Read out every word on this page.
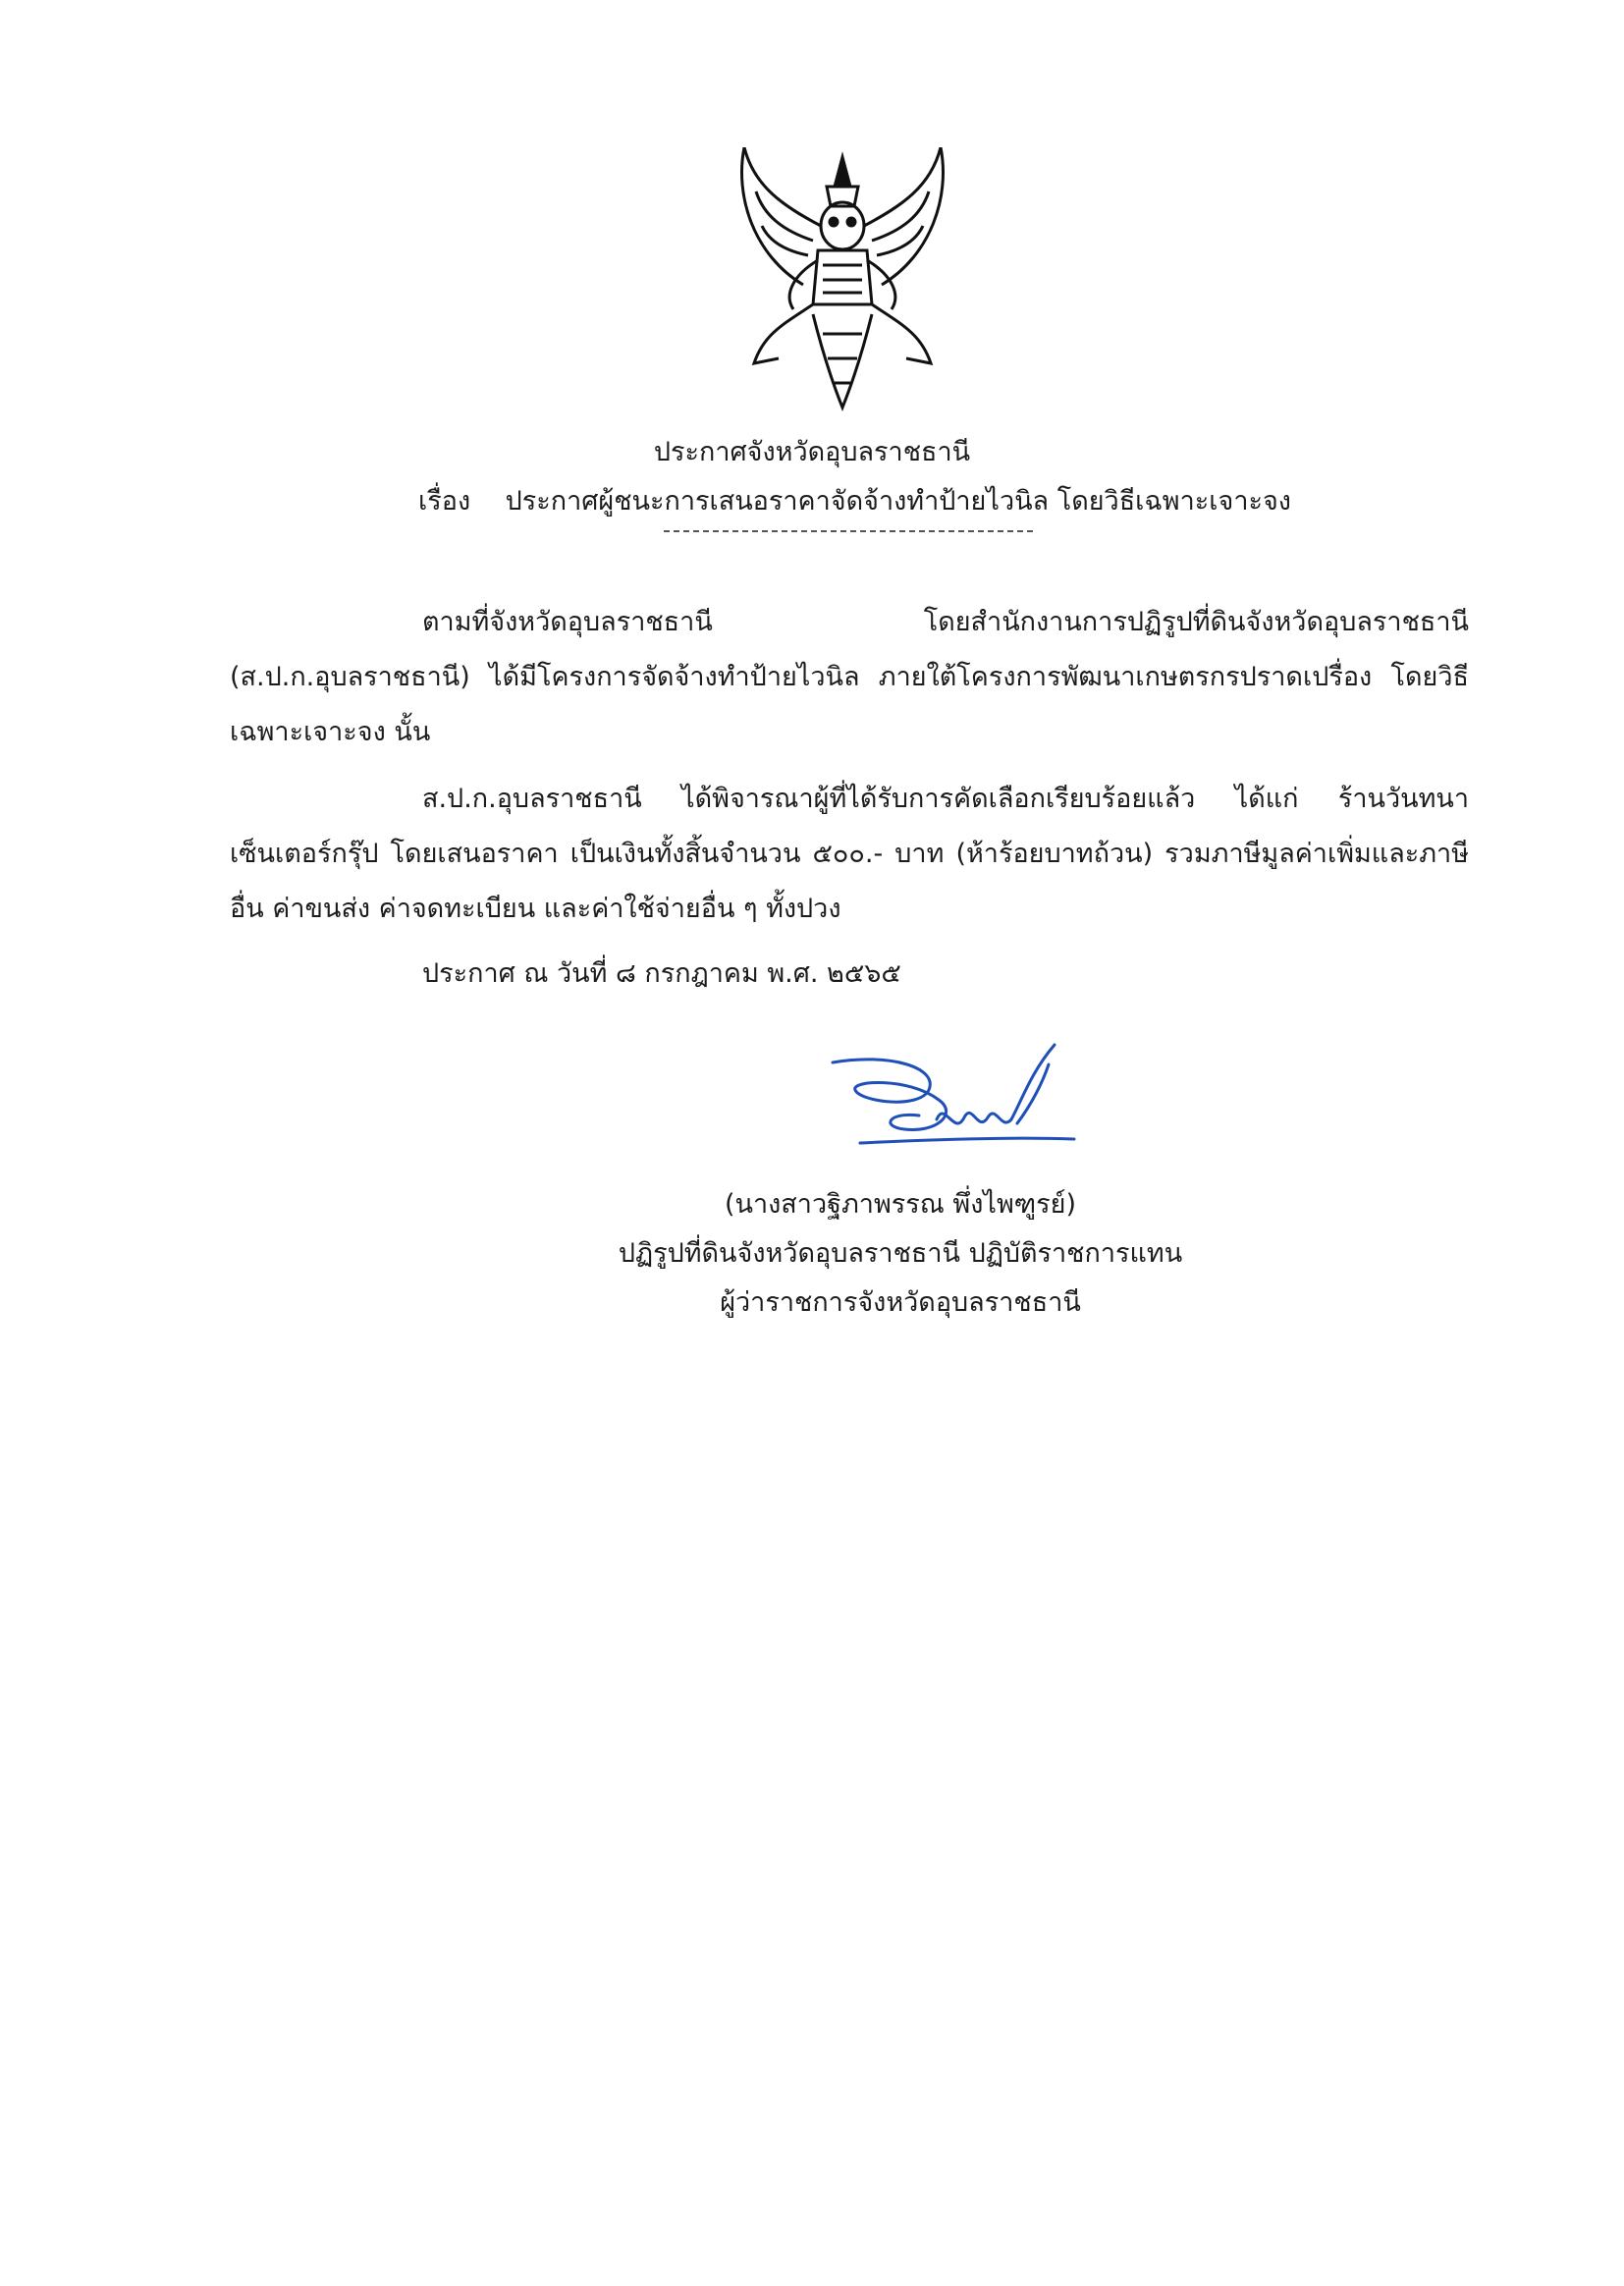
ประกาศจังหวัดอุบลราชธานี
เรื่อง ประกาศผู้ชนะการเสนอราคาจัดจ้างทำป้ายไวนิล โดยวิธีเฉพาะเจาะจง
ตามที่จังหวัดอุบลราชธานี โดยสำนักงานการปฏิรูปที่ดินจังหวัดอุบลราชธานี (ส.ป.ก.อุบลราชธานี) ได้มีโครงการจัดจ้างทำป้ายไวนิล ภายใต้โครงการพัฒนาเกษตรกรปราดเปรื่อง โดยวิธีเฉพาะเจาะจง นั้น
ส.ป.ก.อุบลราชธานี ได้พิจารณาผู้ที่ได้รับการคัดเลือกเรียบร้อยแล้ว ได้แก่ ร้านวันทนา เซ็นเตอร์กรุ๊ป โดยเสนอราคา เป็นเงินทั้งสิ้นจำนวน ๕๐๐.- บาท (ห้าร้อยบาทถ้วน) รวมภาษีมูลค่าเพิ่มและภาษีอื่น ค่าขนส่ง ค่าจดทะเบียน และค่าใช้จ่ายอื่น ๆ ทั้งปวง
ประกาศ ณ วันที่ ๘ กรกฎาคม พ.ศ. ๒๕๖๕
(นางสาวฐิภาพรรณ พึ่งไพฑูรย์)
ปฏิรูปที่ดินจังหวัดอุบลราชธานี ปฏิบัติราชการแทน
ผู้ว่าราชการจังหวัดอุบลราชธานี
